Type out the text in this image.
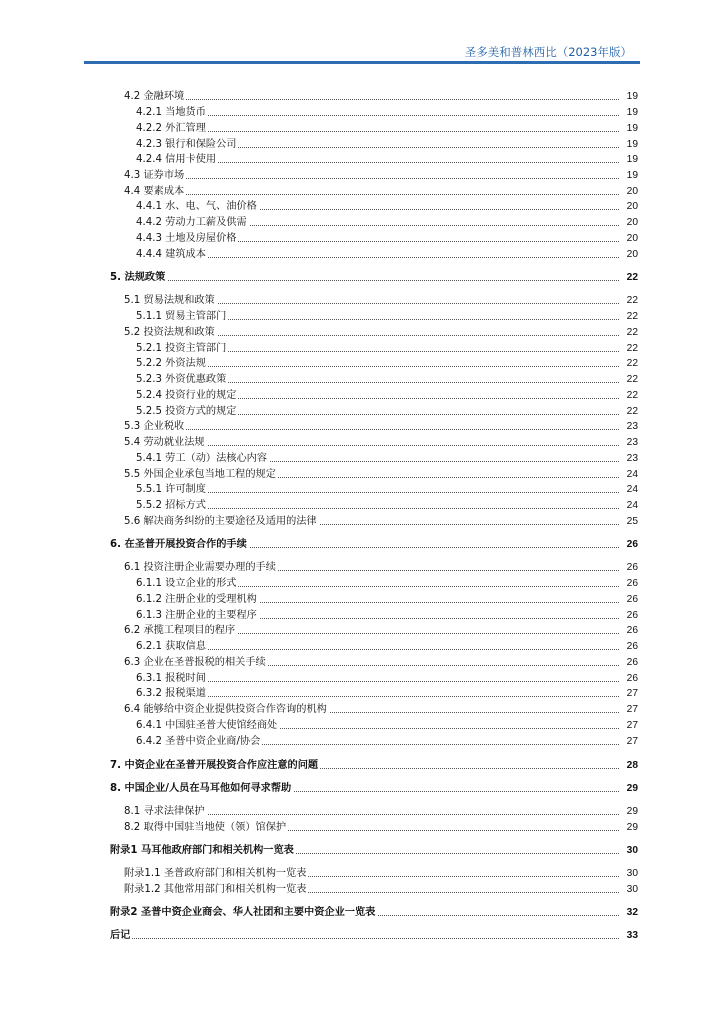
圣多美和普林西比（2023年版）
4.2 金融环境	19
4.2.1 当地货币	19
4.2.2 外汇管理	19
4.2.3 银行和保险公司	19
4.2.4 信用卡使用	19
4.3 证券市场	19
4.4 要素成本	20
4.4.1 水、电、气、油价格	20
4.4.2 劳动力工薪及供需	20
4.4.3 土地及房屋价格	20
4.4.4 建筑成本	20
5. 法规政策	22
5.1 贸易法规和政策	22
5.1.1 贸易主管部门	22
5.2 投资法规和政策	22
5.2.1 投资主管部门	22
5.2.2 外资法规	22
5.2.3 外资优惠政策	22
5.2.4 投资行业的规定	22
5.2.5 投资方式的规定	22
5.3 企业税收	23
5.4 劳动就业法规	23
5.4.1 劳工（动）法核心内容	23
5.5 外国企业承包当地工程的规定	24
5.5.1 许可制度	24
5.5.2 招标方式	24
5.6 解决商务纠纷的主要途径及适用的法律	25
6. 在圣普开展投资合作的手续	26
6.1 投资注册企业需要办理的手续	26
6.1.1 设立企业的形式	26
6.1.2 注册企业的受理机构	26
6.1.3 注册企业的主要程序	26
6.2 承揽工程项目的程序	26
6.2.1 获取信息	26
6.3 企业在圣普报税的相关手续	26
6.3.1 报税时间	26
6.3.2 报税渠道	27
6.4 能够给中资企业提供投资合作咨询的机构	27
6.4.1 中国驻圣普大使馆经商处	27
6.4.2 圣普中资企业商/协会	27
7. 中资企业在圣普开展投资合作应注意的问题	28
8. 中国企业/人员在马耳他如何寻求帮助	29
8.1 寻求法律保护	29
8.2 取得中国驻当地使（领）馆保护	29
附录1 马耳他政府部门和相关机构一览表	30
附录1.1 圣普政府部门和相关机构一览表	30
附录1.2 其他常用部门和相关机构一览表	30
附录2 圣普中资企业商会、华人社团和主要中资企业一览表	32
后记	33
